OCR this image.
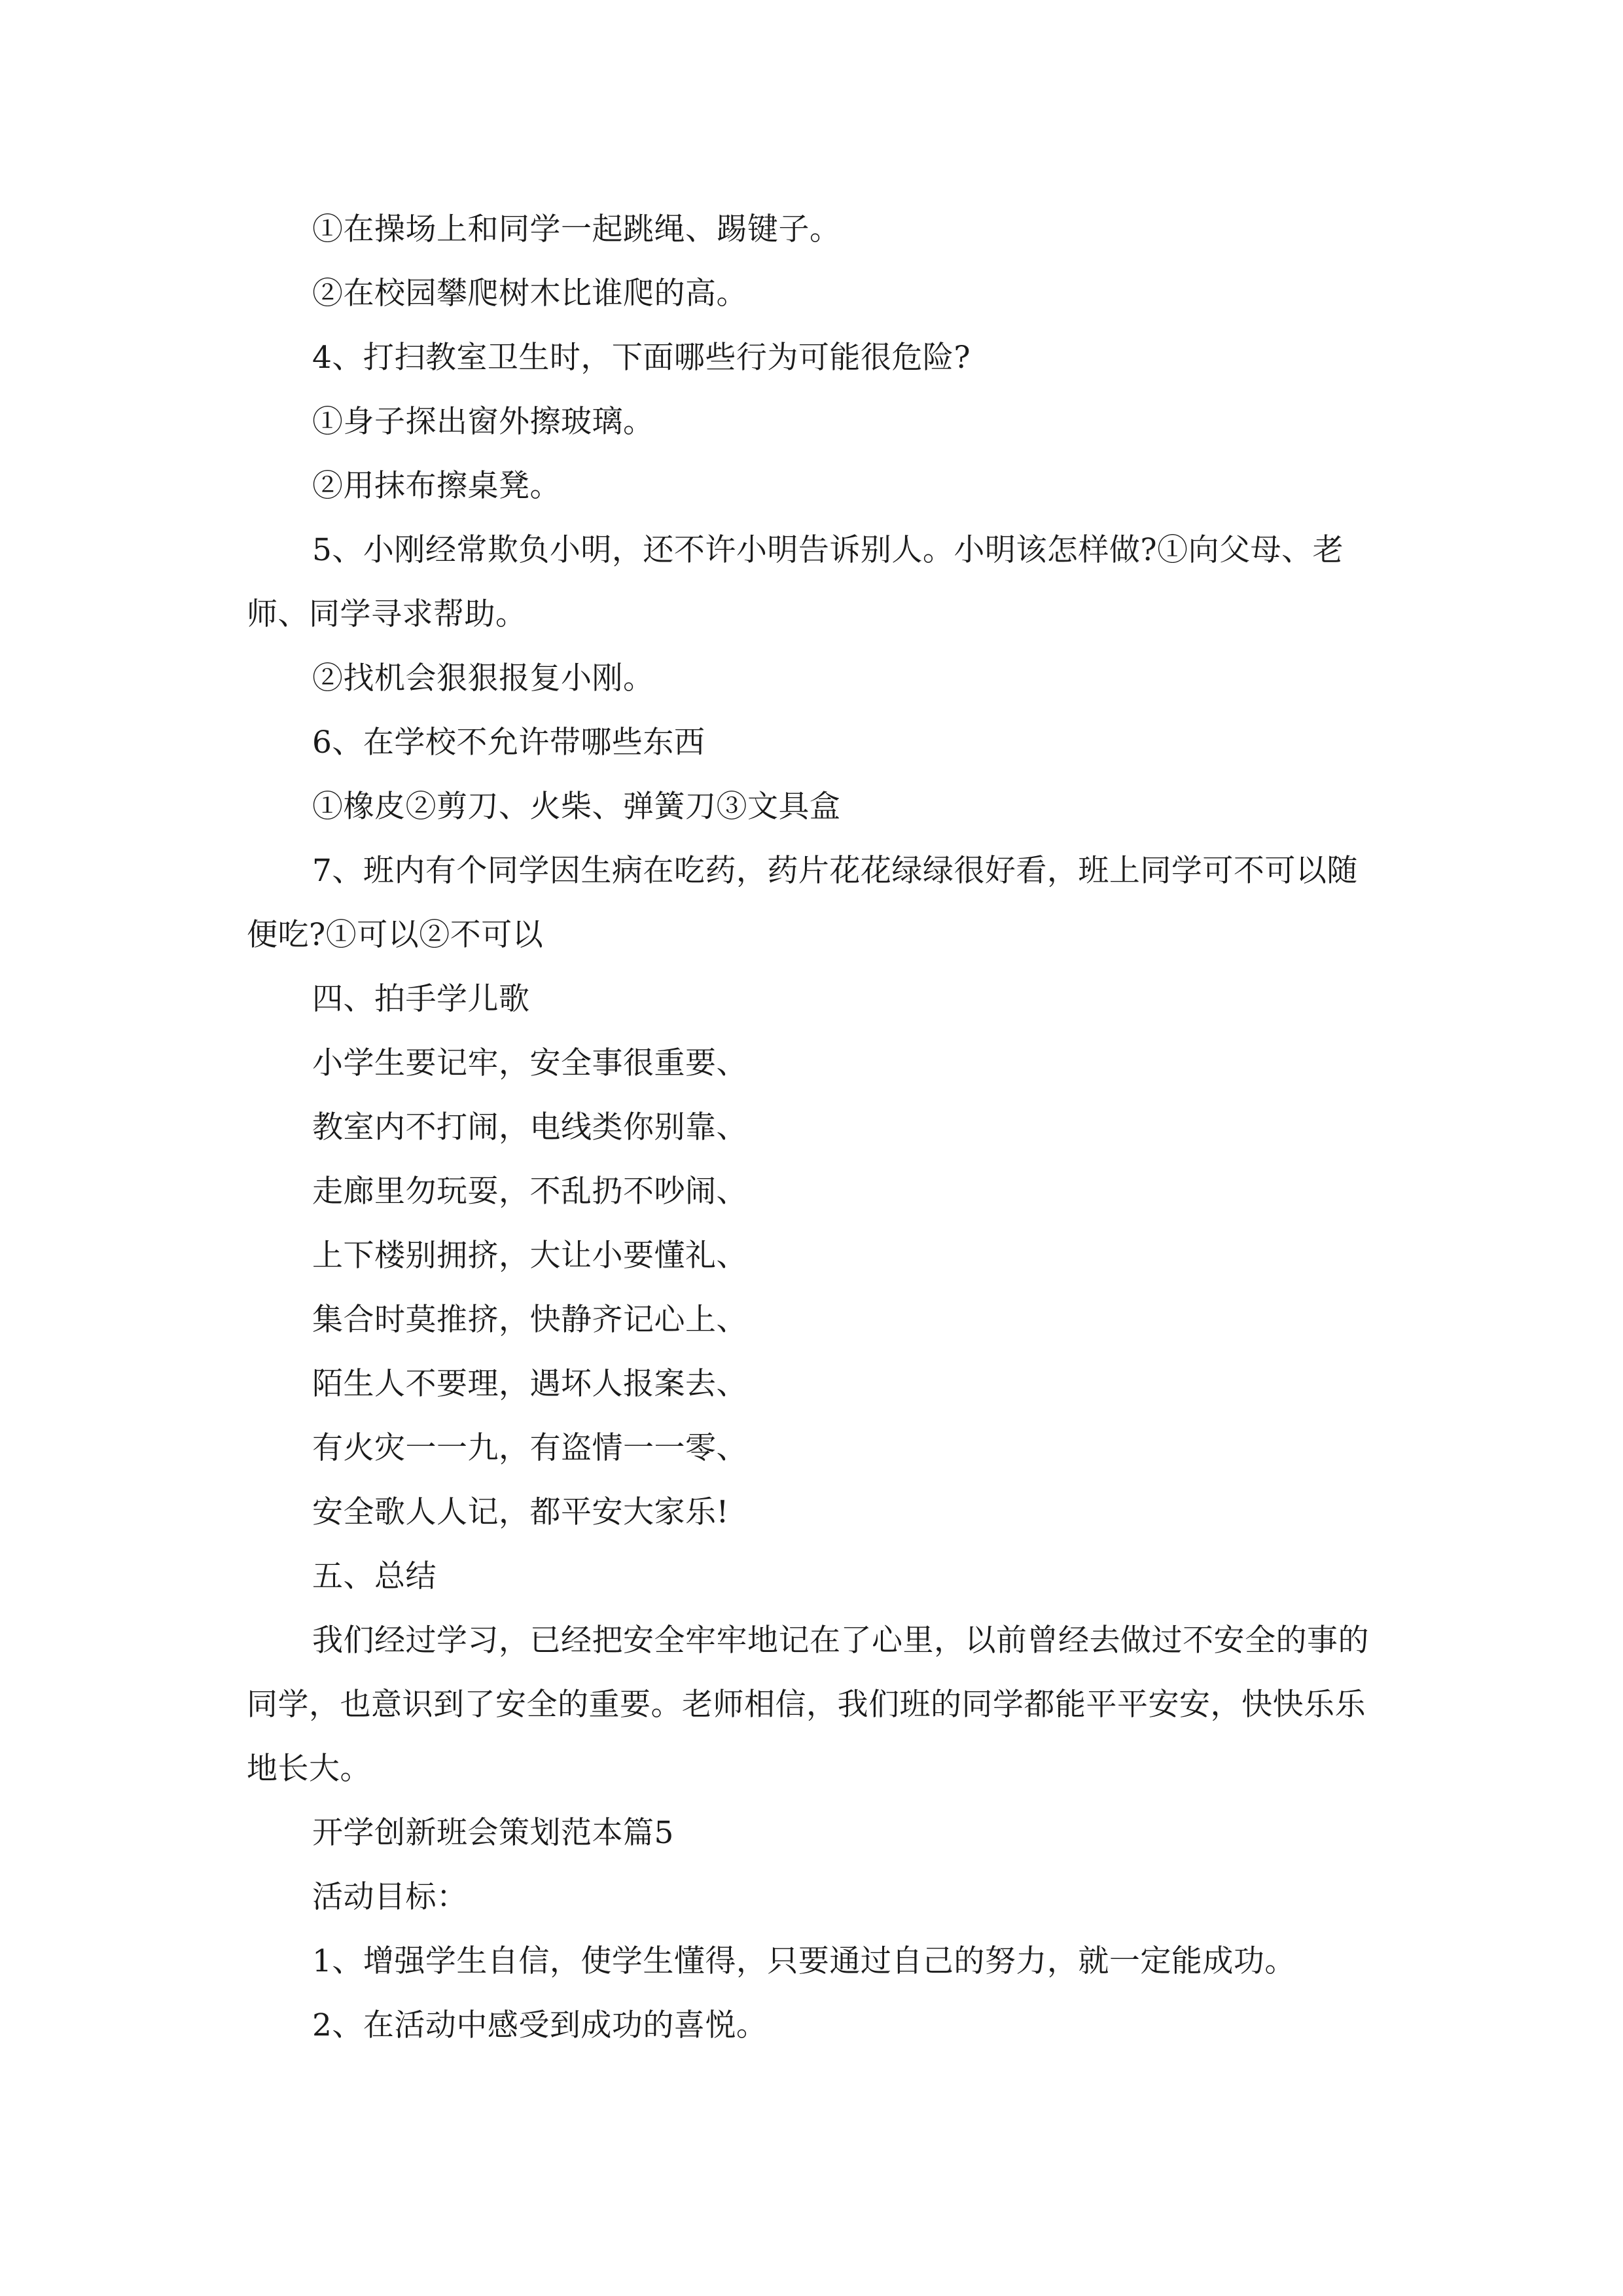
①在操场上和同学一起跳绳、踢键子。

②在校园攀爬树木比谁爬的高。

4、打扫教室卫生时，下面哪些行为可能很危险?

①身子探出窗外擦玻璃。

②用抹布擦桌凳。

5、小刚经常欺负小明，还不许小明告诉别人。小明该怎样做?①向父母、老师、同学寻求帮助。

②找机会狠狠报复小刚。

6、在学校不允许带哪些东西

①橡皮②剪刀、火柴、弹簧刀③文具盒

7、班内有个同学因生病在吃药，药片花花绿绿很好看，班上同学可不可以随便吃?①可以②不可以

四、拍手学儿歌

小学生要记牢，安全事很重要、

教室内不打闹，电线类你别靠、

走廊里勿玩耍，不乱扔不吵闹、

上下楼别拥挤，大让小要懂礼、

集合时莫推挤，快静齐记心上、

陌生人不要理，遇坏人报案去、

有火灾一一九，有盗情一一零、

安全歌人人记，都平安大家乐!

五、总结

我们经过学习，已经把安全牢牢地记在了心里，以前曾经去做过不安全的事的同学，也意识到了安全的重要。老师相信，我们班的同学都能平平安安，快快乐乐地长大。

开学创新班会策划范本篇5

活动目标：

1、增强学生自信，使学生懂得，只要通过自己的努力，就一定能成功。

2、在活动中感受到成功的喜悦。
